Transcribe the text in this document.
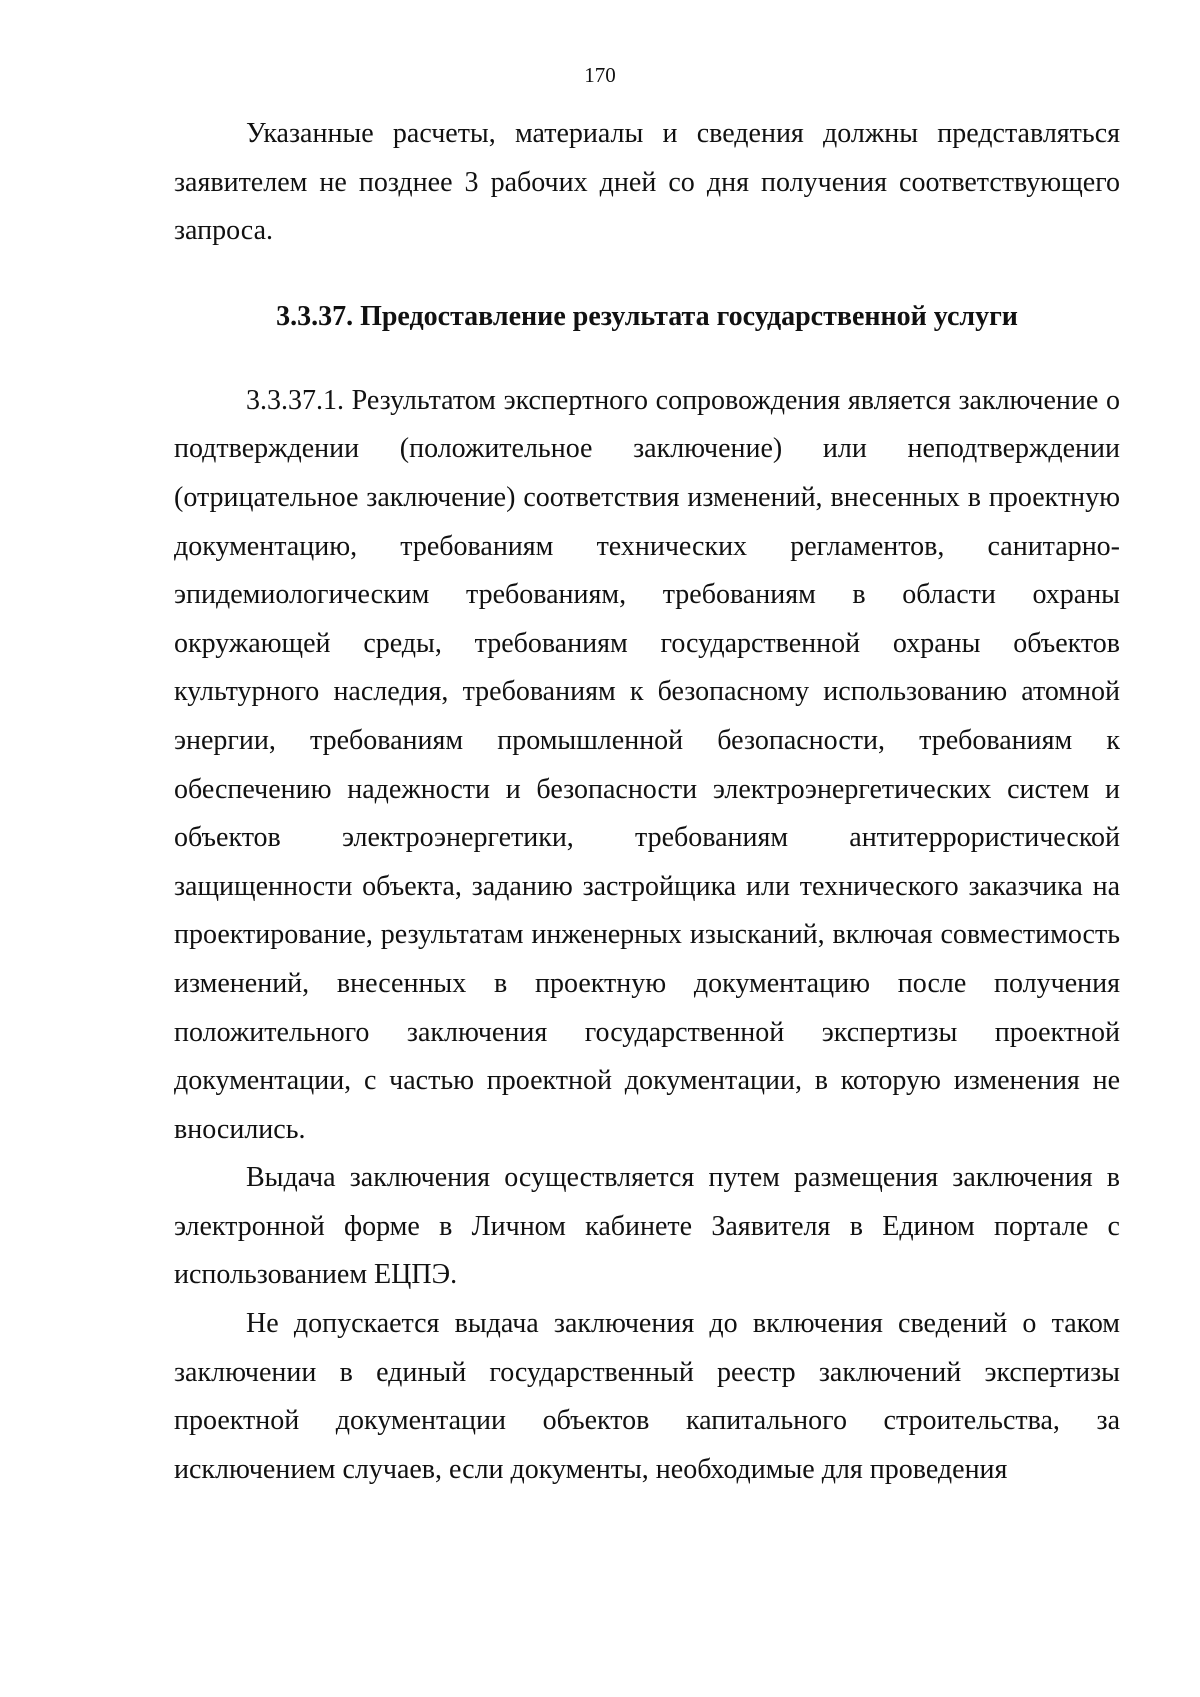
170

Указанные расчеты, материалы и сведения должны представляться заявителем не позднее 3 рабочих дней со дня получения соответствующего запроса.

3.3.37. Предоставление результата государственной услуги

3.3.37.1. Результатом экспертного сопровождения является заключение о подтверждении (положительное заключение) или неподтверждении (отрицательное заключение) соответствия изменений, внесенных в проектную документацию, требованиям технических регламентов, санитарно-эпидемиологическим требованиям, требованиям в области охраны окружающей среды, требованиям государственной охраны объектов культурного наследия, требованиям к безопасному использованию атомной энергии, требованиям промышленной безопасности, требованиям к обеспечению надежности и безопасности электроэнергетических систем и объектов электроэнергетики, требованиям антитеррористической защищенности объекта, заданию застройщика или технического заказчика на проектирование, результатам инженерных изысканий, включая совместимость изменений, внесенных в проектную документацию после получения положительного заключения государственной экспертизы проектной документации, с частью проектной документации, в которую изменения не вносились.

Выдача заключения осуществляется путем размещения заключения в электронной форме в Личном кабинете Заявителя в Едином портале с использованием ЕЦПЭ.

Не допускается выдача заключения до включения сведений о таком заключении в единый государственный реестр заключений экспертизы проектной документации объектов капитального строительства, за исключением случаев, если документы, необходимые для проведения
